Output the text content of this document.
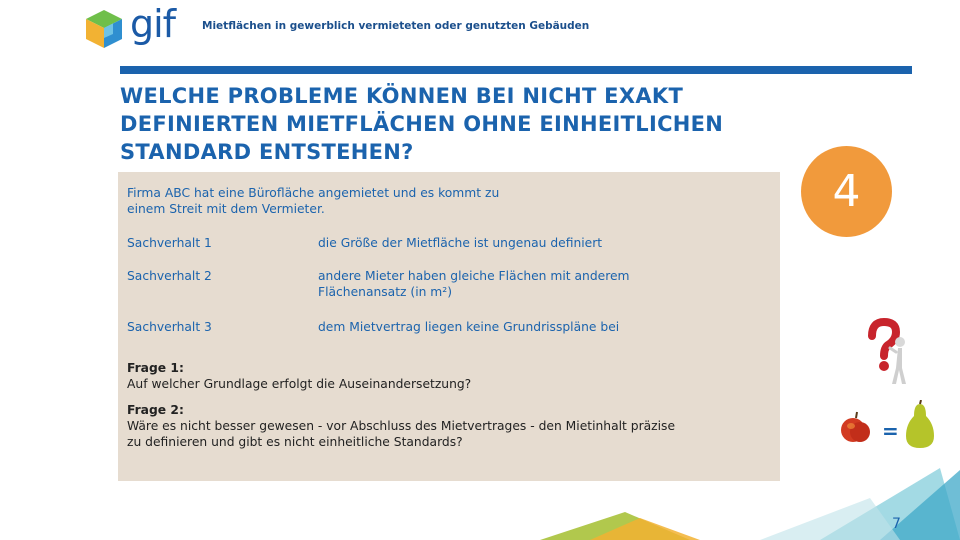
gif	Mietflächen in gewerblich vermieteten oder genutzten Gebäuden
WELCHE PROBLEME KÖNNEN BEI NICHT EXAKT
DEFINIERTEN MIETFLÄCHEN OHNE EINHEITLICHEN
STANDARD ENTSTEHEN?
Firma ABC hat eine Bürofläche angemietet und es kommt zu
einem Streit mit dem Vermieter.
Sachverhalt 1	die Größe der Mietfläche ist ungenau definiert
Sachverhalt 2	andere Mieter haben gleiche Flächen mit anderem
Flächenansatz (in m²)
Sachverhalt 3	dem Mietvertrag liegen keine Grundrisspläne bei
Frage 1:
Auf welcher Grundlage erfolgt die Auseinandersetzung?
Frage 2:
Wäre es nicht besser gewesen - vor Abschluss des Mietvertrages - den Mietinhalt präzise
zu definieren und gibt es nicht einheitliche Standards?
4
=
7
